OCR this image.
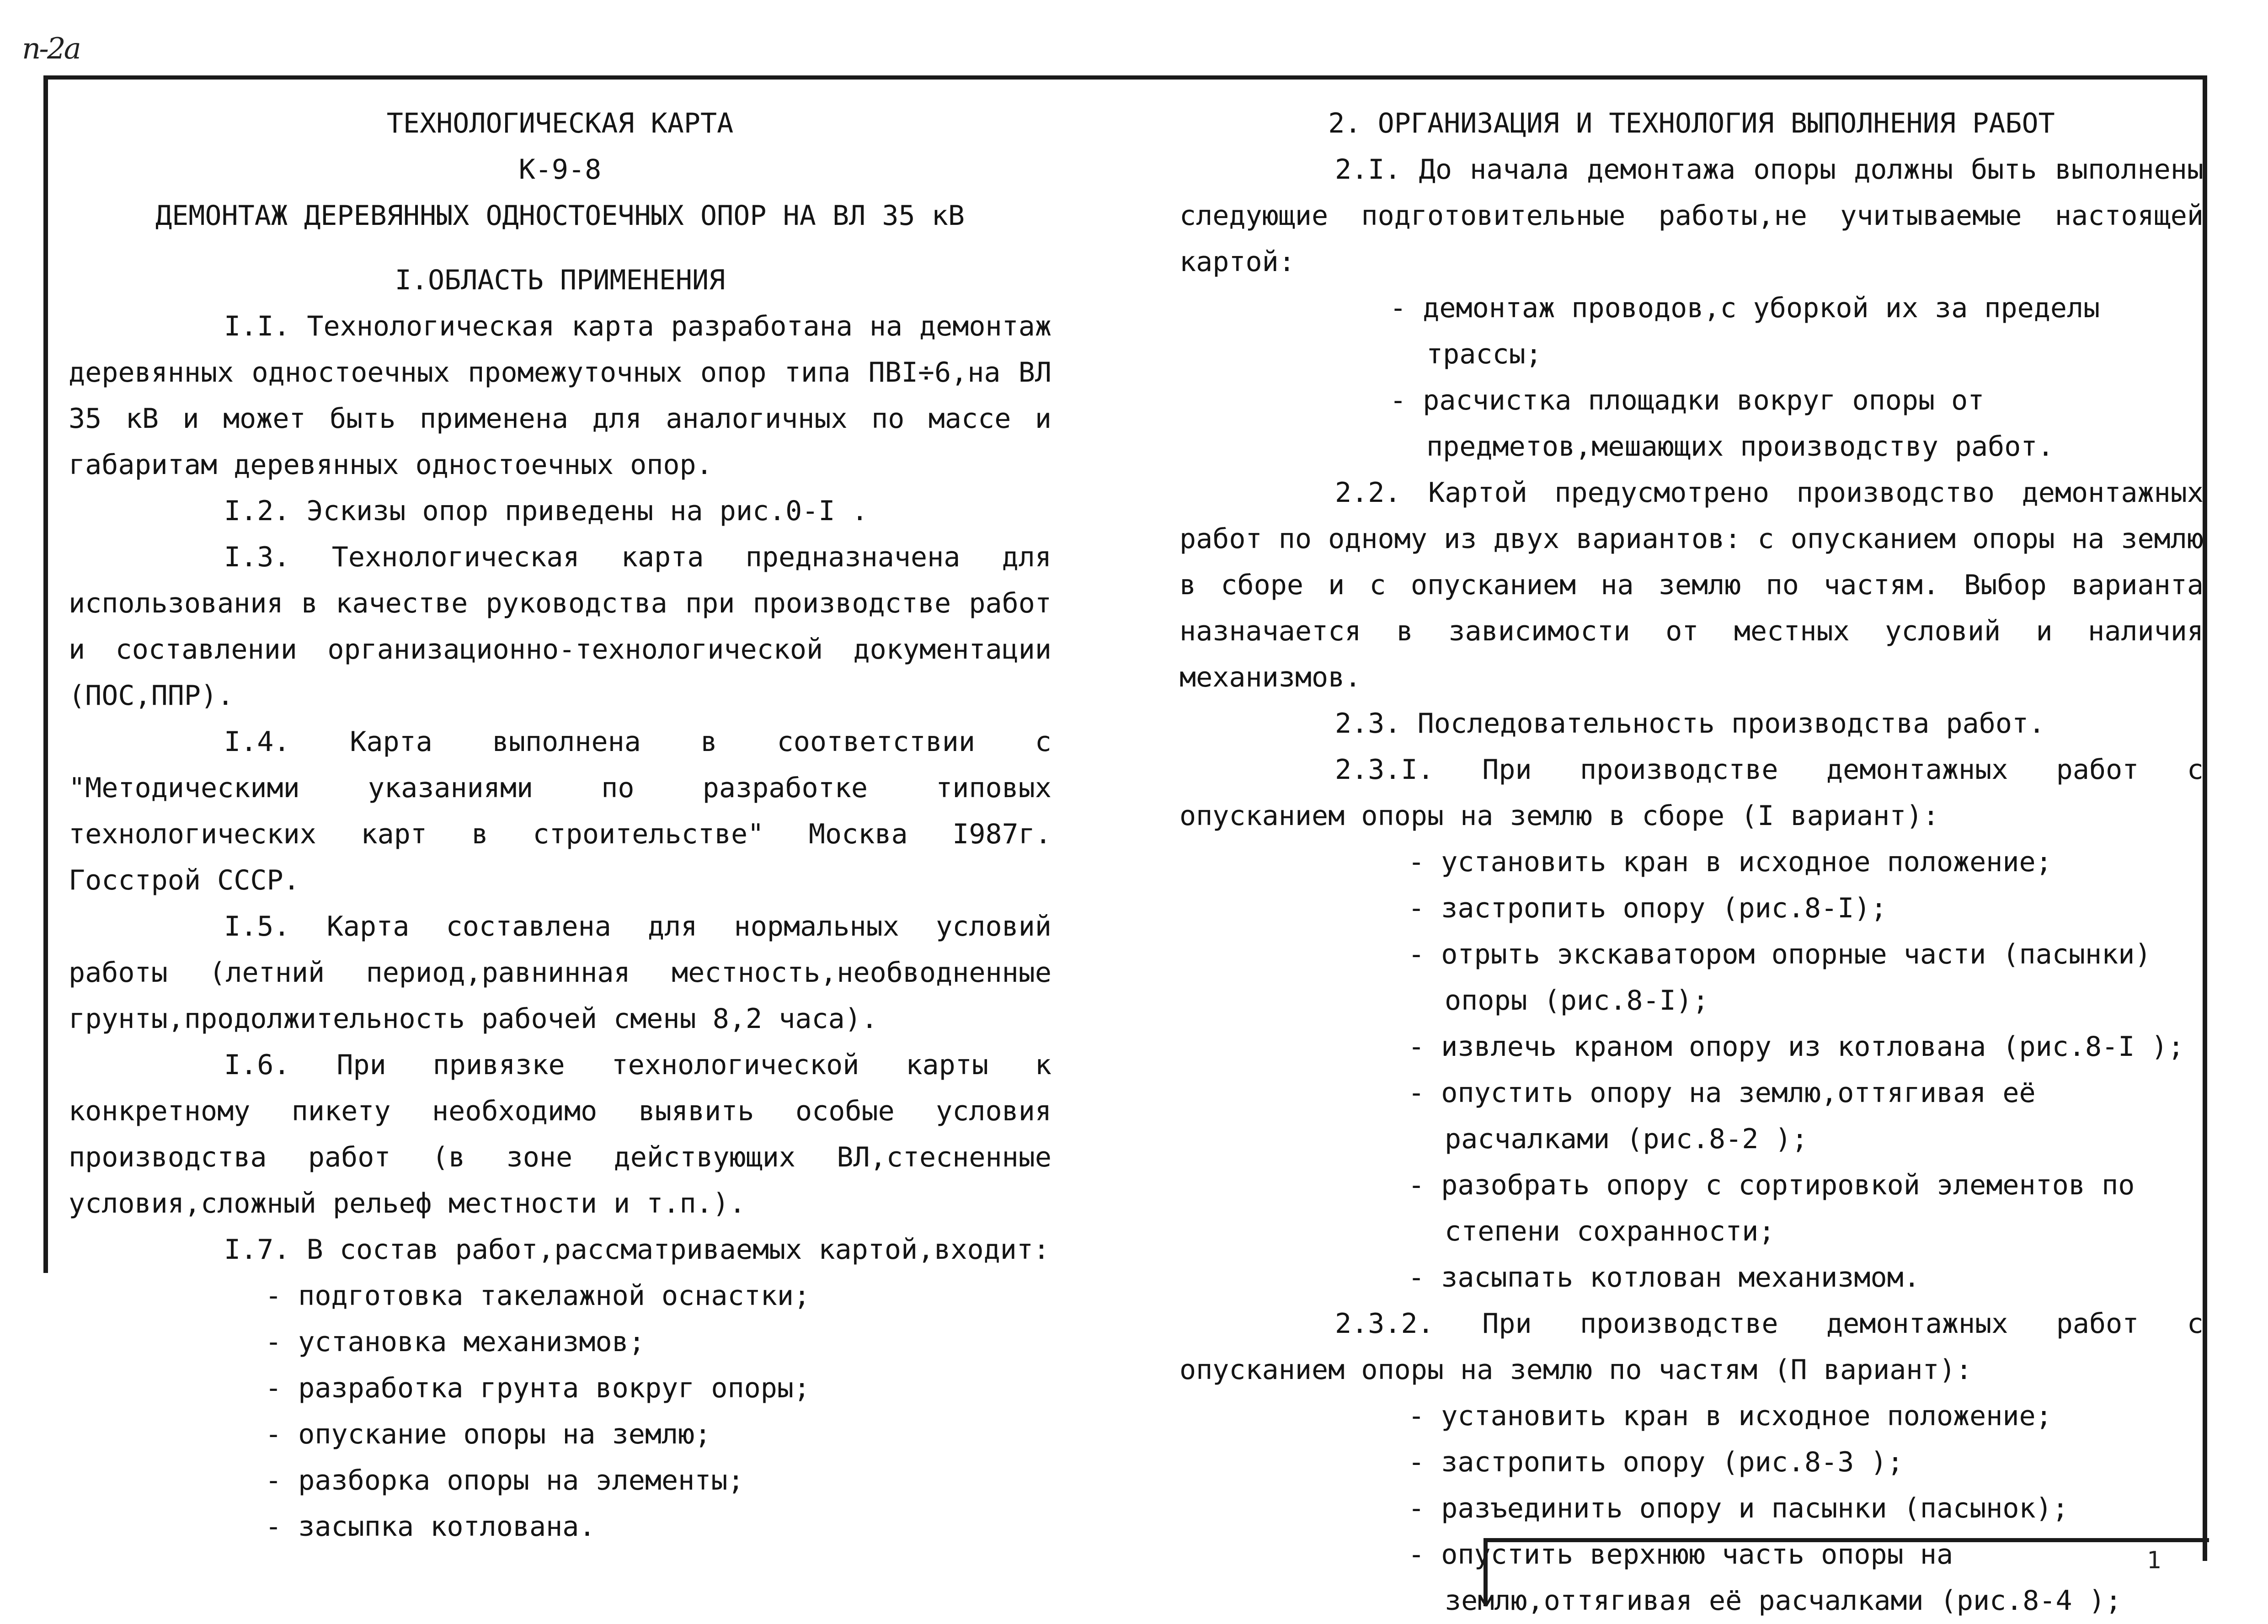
n-2a
ТЕХНОЛОГИЧЕСКАЯ КАРТА
К-9-8
ДЕМОНТАЖ ДЕРЕВЯННЫХ ОДНОСТОЕЧНЫХ ОПОР НА ВЛ 35 кВ
I.ОБЛАСТЬ ПРИМЕНЕНИЯ
I.I. Технологическая карта разработана на демонтаж деревянных одностоечных промежуточных опор типа ПВI÷6,на ВЛ 35 кВ и может быть применена для аналогичных по массе и габаритам деревянных одностоечных опор.
I.2. Эскизы опор приведены на рис.0-I .
I.3. Технологическая карта предназначена для использования в качестве руководства при производстве работ и составлении организационно-технологической документации (ПОС,ППР).
I.4. Карта выполнена в соответствии с "Методическими указаниями по разработке типовых технологических карт в строительстве" Москва I987г. Госстрой СССР.
I.5. Карта составлена для нормальных условий работы (летний период,равнинная местность,необводненные грунты,продолжительность рабочей смены 8,2 часа).
I.6. При привязке технологической карты к конкретному пикету необходимо выявить особые условия производства работ (в зоне действующих ВЛ,стесненные условия,сложный рельеф местности и т.п.).
I.7. В состав работ,рассматриваемых картой,входит:
- подготовка такелажной оснастки;
- установка механизмов;
- разработка грунта вокруг опоры;
- опускание опоры на землю;
- разборка опоры на элементы;
- засыпка котлована.
2. ОРГАНИЗАЦИЯ И ТЕХНОЛОГИЯ ВЫПОЛНЕНИЯ РАБОТ
2.I. До начала демонтажа опоры должны быть выполнены следующие подготовительные работы,не учитываемые настоящей картой:
- демонтаж проводов,с уборкой их за пределы трассы;
- расчистка площадки вокруг опоры от предметов,мешающих производству работ.
2.2. Картой предусмотрено производство демонтажных работ по одному из двух вариантов: с опусканием опоры на землю в сборе и с опусканием на землю по частям. Выбор варианта назначается в зависимости от местных условий и наличия механизмов.
2.3. Последовательность производства работ.
2.3.I. При производстве демонтажных работ с опусканием опоры на землю в сборе (I вариант):
- установить кран в исходное положение;
- застропить опору (рис.8-I);
- отрыть экскаватором опорные части (пасынки) опоры (рис.8-I);
- извлечь краном опору из котлована (рис.8-I );
- опустить опору на землю,оттягивая её расчалками (рис.8-2 );
- разобрать опору с сортировкой элементов по степени сохранности;
- засыпать котлован механизмом.
2.3.2. При производстве демонтажных работ с опусканием опоры на землю по частям (П вариант):
- установить кран в исходное положение;
- застропить опору (рис.8-3 );
- разъединить опору и пасынки (пасынок);
- опустить верхнюю часть опоры на землю,оттягивая её расчалками (рис.8-4 );
1
